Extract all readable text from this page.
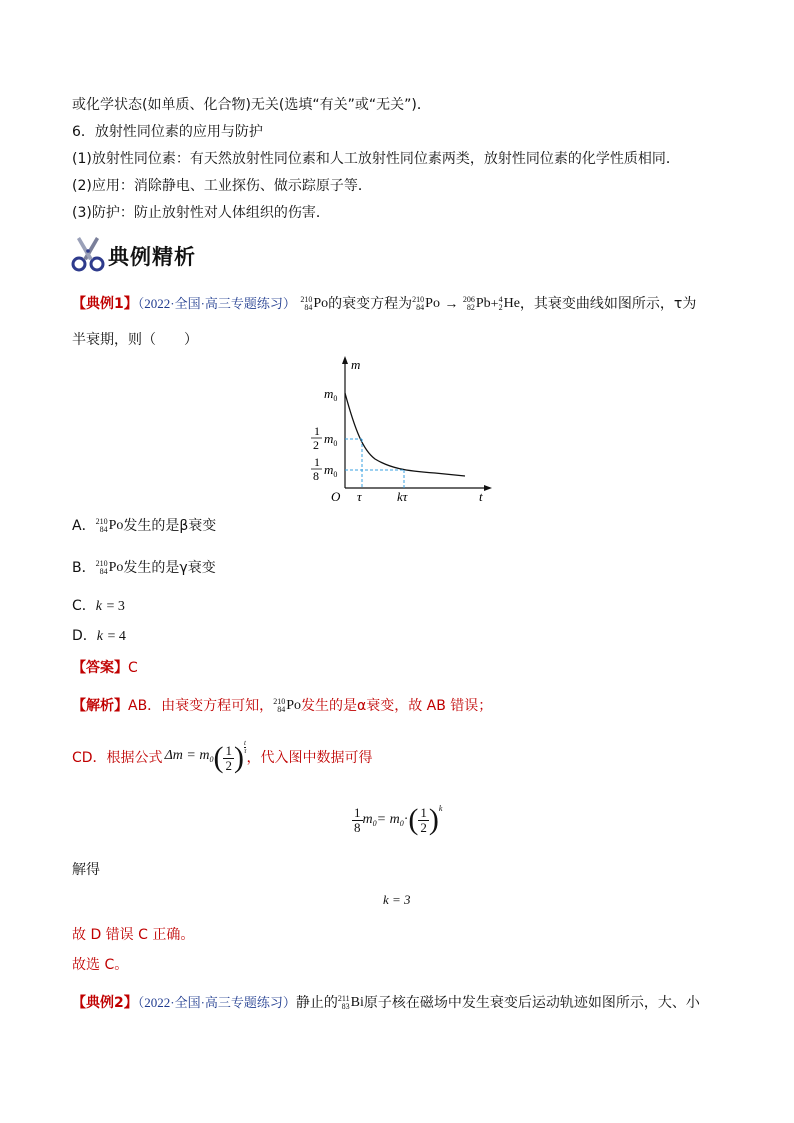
或化学状态(如单质、化合物)无关(选填“有关”或“无关”)．
6．放射性同位素的应用与防护
(1)放射性同位素：有天然放射性同位素和人工放射性同位素两类，放射性同位素的化学性质相同．
(2)应用：消除静电、工业探伤、做示踪原子等．
(3)防护：防止放射性对人体组织的伤害．
典例精析
【典例1】（2022·全国·高三专题练习） 210
84 Po 的衰变方程为 210
84 Po → 206
82 Pb + 4
2 He ，其衰变曲线如图所示，τ为
半衰期，则（　　）
m
t
O
$m_0$
1
2 $m_0$
1
8 $m_0$
τ	kτ
A． 210
84 Po 发生的是β衰变
B． 210
84 Po 发生的是γ衰变
C．k = 3
D．k = 4
【答案】C
【解析】AB．由衰变方程可知， 210
84 Po 发生的是α衰变，故 AB 错误；
CD．根据公式 $\Delta m = m_0$ ( $\frac{1}{2}$ ) t
τ ，代入图中数据可得
$\frac{1}{8} m_0 = m_0$ · ( $\frac{1}{2}$ ) k
解得
k = 3
故 D 错误 C 正确。
故选 C。
【典例2】（2022·全国·高三专题练习）静止的 211
83 Bi 原子核在磁场中发生衰变后运动轨迹如图所示，大、小
